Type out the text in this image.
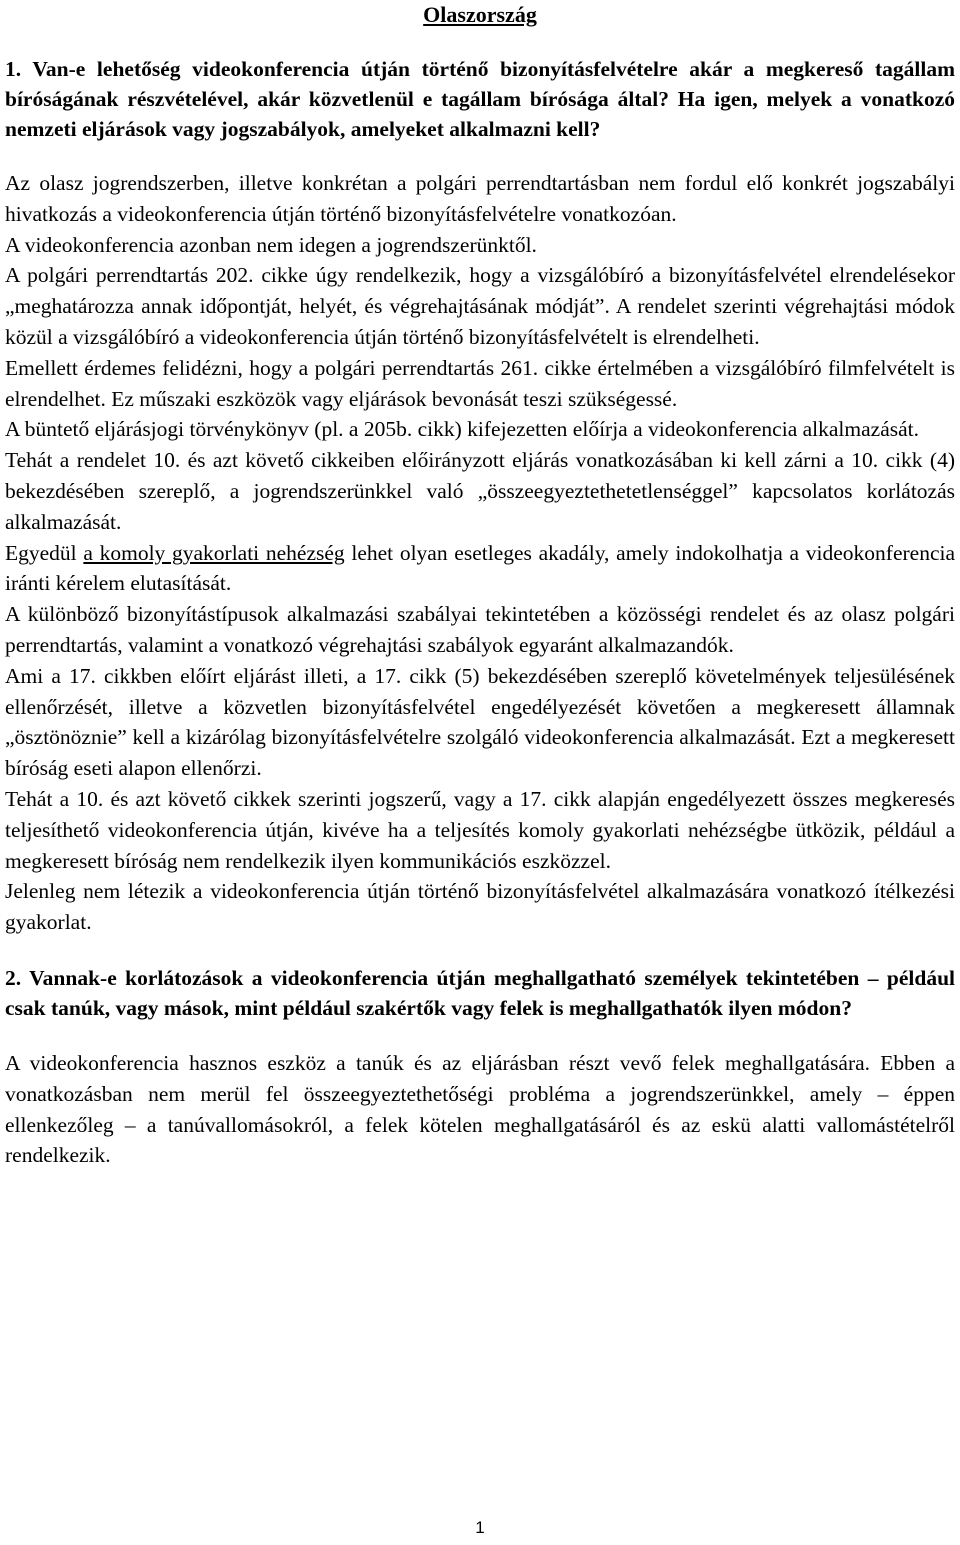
Olaszország

1. Van-e lehetőség videokonferencia útján történő bizonyításfelvételre akár a megkereső tagállam bíróságának részvételével, akár közvetlenül e tagállam bírósága által? Ha igen, melyek a vonatkozó nemzeti eljárások vagy jogszabályok, amelyeket alkalmazni kell?

Az olasz jogrendszerben, illetve konkrétan a polgári perrendtartásban nem fordul elő konkrét jogszabályi hivatkozás a videokonferencia útján történő bizonyításfelvételre vonatkozóan.

A videokonferencia azonban nem idegen a jogrendszerünktől.

A polgári perrendtartás 202. cikke úgy rendelkezik, hogy a vizsgálóbíró a bizonyításfelvétel elrendelésekor „meghatározza annak időpontját, helyét, és végrehajtásának módját”. A rendelet szerinti végrehajtási módok közül a vizsgálóbíró a videokonferencia útján történő bizonyításfelvételt is elrendelheti.

Emellett érdemes felidézni, hogy a polgári perrendtartás 261. cikke értelmében a vizsgálóbíró filmfelvételt is elrendelhet. Ez műszaki eszközök vagy eljárások bevonását teszi szükségessé.

A büntető eljárásjogi törvénykönyv (pl. a 205b. cikk) kifejezetten előírja a videokonferencia alkalmazását.

Tehát a rendelet 10. és azt követő cikkeiben előirányzott eljárás vonatkozásában ki kell zárni a 10. cikk (4) bekezdésében szereplő, a jogrendszerünkkel való „összeegyeztethetetlenséggel” kapcsolatos korlátozás alkalmazását.

Egyedül a komoly gyakorlati nehézség lehet olyan esetleges akadály, amely indokolhatja a videokonferencia iránti kérelem elutasítását.

A különböző bizonyítástípusok alkalmazási szabályai tekintetében a közösségi rendelet és az olasz polgári perrendtartás, valamint a vonatkozó végrehajtási szabályok egyaránt alkalmazandók.

Ami a 17. cikkben előírt eljárást illeti, a 17. cikk (5) bekezdésében szereplő követelmények teljesülésének ellenőrzését, illetve a közvetlen bizonyításfelvétel engedélyezését követően a megkeresett államnak „ösztönöznie” kell a kizárólag bizonyításfelvételre szolgáló videokonferencia alkalmazását. Ezt a megkeresett bíróság eseti alapon ellenőrzi.

Tehát a 10. és azt követő cikkek szerinti jogszerű, vagy a 17. cikk alapján engedélyezett összes megkeresés teljesíthető videokonferencia útján, kivéve ha a teljesítés komoly gyakorlati nehézségbe ütközik, például a megkeresett bíróság nem rendelkezik ilyen kommunikációs eszközzel.

Jelenleg nem létezik a videokonferencia útján történő bizonyításfelvétel alkalmazására vonatkozó ítélkezési gyakorlat.

2. Vannak-e korlátozások a videokonferencia útján meghallgatható személyek tekintetében – például csak tanúk, vagy mások, mint például szakértők vagy felek is meghallgathatók ilyen módon?

A videokonferencia hasznos eszköz a tanúk és az eljárásban részt vevő felek meghallgatására. Ebben a vonatkozásban nem merül fel összeegyeztethetőségi probléma a jogrendszerünkkel, amely – éppen ellenkezőleg – a tanúvallomásokról, a felek kötelen meghallgatásáról és az eskü alatti vallomástételről rendelkezik.

1
